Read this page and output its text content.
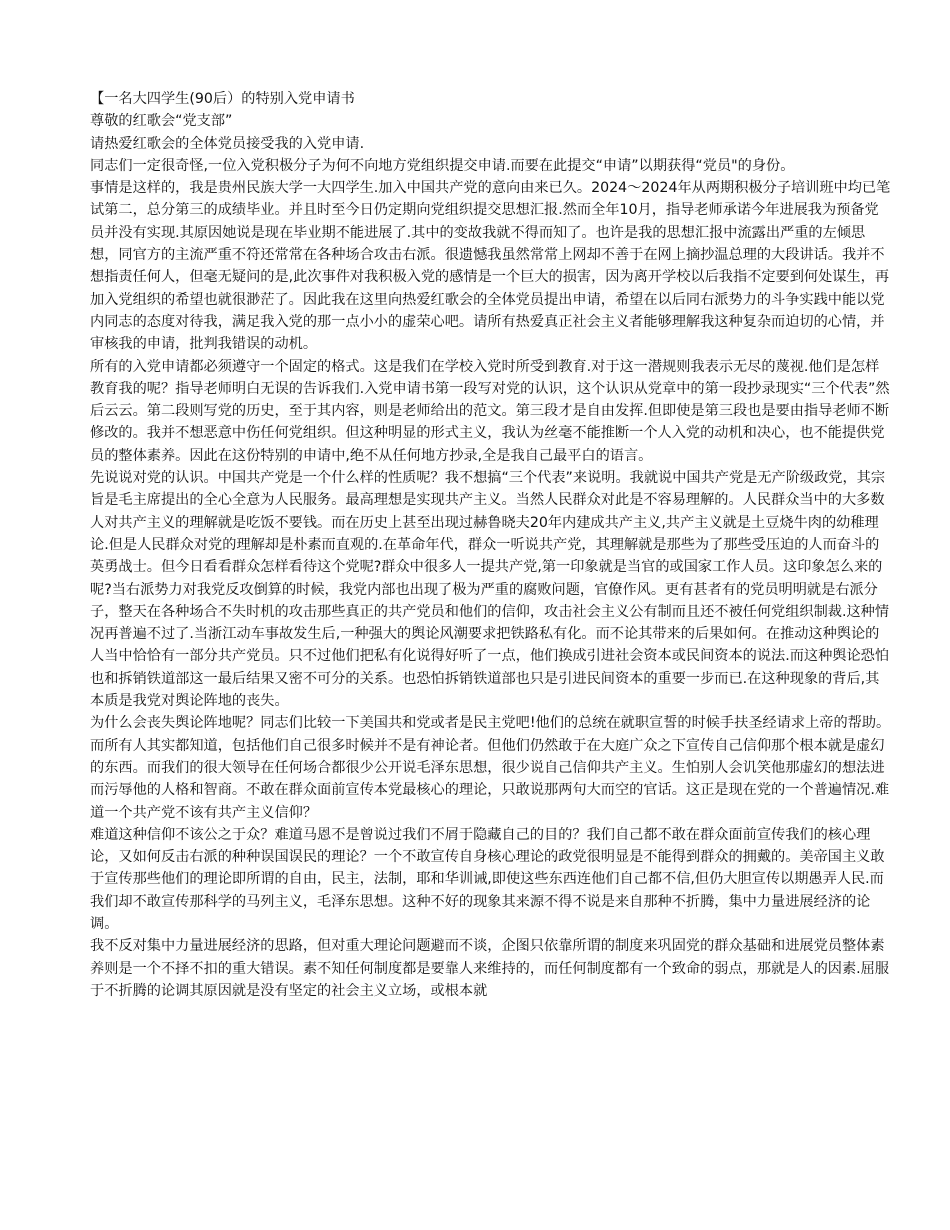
【一名大四学生(90后）的特别入党申请书

尊敬的红歌会“党支部”

请热爱红歌会的全体党员接受我的入党申请.

同志们一定很奇怪,一位入党积极分子为何不向地方党组织提交申请.而要在此提交“申请”以期获得“党员"的身份。

事情是这样的，我是贵州民族大学一大四学生.加入中国共产党的意向由来已久。2024～2024年从两期积极分子培训班中均已笔试第二，总分第三的成绩毕业。并且时至今日仍定期向党组织提交思想汇报.然而全年10月，指导老师承诺今年进展我为预备党员并没有实现.其原因她说是现在毕业期不能进展了.其中的变故我就不得而知了。也许是我的思想汇报中流露出严重的左倾思想，同官方的主流严重不符还常常在各种场合攻击右派。很遗憾我虽然常常上网却不善于在网上摘抄温总理的大段讲话。我并不想指责任何人，但毫无疑问的是,此次事件对我积极入党的感情是一个巨大的损害，因为离开学校以后我指不定要到何处谋生，再加入党组织的希望也就很渺茫了。因此我在这里向热爱红歌会的全体党员提出申请，希望在以后同右派势力的斗争实践中能以党内同志的态度对待我，满足我入党的那一点小小的虚荣心吧。请所有热爱真正社会主义者能够理解我这种复杂而迫切的心情，并审核我的申请，批判我错误的动机。

所有的入党申请都必须遵守一个固定的格式。这是我们在学校入党时所受到教育.对于这一潜规则我表示无尽的蔑视.他们是怎样教育我的呢？指导老师明白无误的告诉我们.入党申请书第一段写对党的认识，这个认识从党章中的第一段抄录现实“三个代表”然后云云。第二段则写党的历史，至于其内容，则是老师给出的范文。第三段才是自由发挥.但即使是第三段也是要由指导老师不断修改的。我并不想恶意中伤任何党组织。但这种明显的形式主义，我认为丝毫不能推断一个人入党的动机和决心，也不能提供党员的整体素养。因此在这份特别的申请中,绝不从任何地方抄录,全是我自己最平白的语言。

先说说对党的认识。中国共产党是一个什么样的性质呢？我不想搞“三个代表”来说明。我就说中国共产党是无产阶级政党，其宗旨是毛主席提出的全心全意为人民服务。最高理想是实现共产主义。当然人民群众对此是不容易理解的。人民群众当中的大多数人对共产主义的理解就是吃饭不要钱。而在历史上甚至出现过赫鲁晓夫20年内建成共产主义,共产主义就是土豆烧牛肉的幼稚理论.但是人民群众对党的理解却是朴素而直观的.在革命年代，群众一听说共产党，其理解就是那些为了那些受压迫的人而奋斗的英勇战士。但今日看看群众怎样看待这个党呢?群众中很多人一提共产党,第一印象就是当官的或国家工作人员。这印象怎么来的呢?当右派势力对我党反攻倒算的时候，我党内部也出现了极为严重的腐败问题，官僚作风。更有甚者有的党员明明就是右派分子，整天在各种场合不失时机的攻击那些真正的共产党员和他们的信仰，攻击社会主义公有制而且还不被任何党组织制裁.这种情况再普遍不过了.当浙江动车事故发生后,一种强大的舆论风潮要求把铁路私有化。而不论其带来的后果如何。在推动这种舆论的人当中恰恰有一部分共产党员。只不过他们把私有化说得好听了一点，他们换成引进社会资本或民间资本的说法.而这种舆论恐怕也和拆销铁道部这一最后结果又密不可分的关系。也恐怕拆销铁道部也只是引进民间资本的重要一步而已.在这种现象的背后,其本质是我党对舆论阵地的丧失。

为什么会丧失舆论阵地呢？同志们比较一下美国共和党或者是民主党吧!他们的总统在就职宣誓的时候手扶圣经请求上帝的帮助。而所有人其实都知道，包括他们自己很多时候并不是有神论者。但他们仍然敢于在大庭广众之下宣传自己信仰那个根本就是虚幻的东西。而我们的很大领导在任何场合都很少公开说毛泽东思想，很少说自己信仰共产主义。生怕别人会讥笑他那虚幻的想法进而污辱他的人格和智商。不敢在群众面前宣传本党最核心的理论，只敢说那两句大而空的官话。这正是现在党的一个普遍情况.难道一个共产党不该有共产主义信仰？

难道这种信仰不该公之于众？难道马恩不是曾说过我们不屑于隐藏自己的目的？我们自己都不敢在群众面前宣传我们的核心理论，又如何反击右派的种种误国误民的理论？一个不敢宣传自身核心理论的政党很明显是不能得到群众的拥戴的。美帝国主义敢于宣传那些他们的理论即所谓的自由，民主，法制，耶和华训诫,即使这些东西连他们自己都不信,但仍大胆宣传以期愚弄人民.而我们却不敢宣传那科学的马列主义，毛泽东思想。这种不好的现象其来源不得不说是来自那种不折腾，集中力量进展经济的论调。

我不反对集中力量进展经济的思路，但对重大理论问题避而不谈，企图只依靠所谓的制度来巩固党的群众基础和进展党员整体素养则是一个不择不扣的重大错误。素不知任何制度都是要靠人来维持的，而任何制度都有一个致命的弱点，那就是人的因素.屈服于不折腾的论调其原因就是没有坚定的社会主义立场，或根本就
